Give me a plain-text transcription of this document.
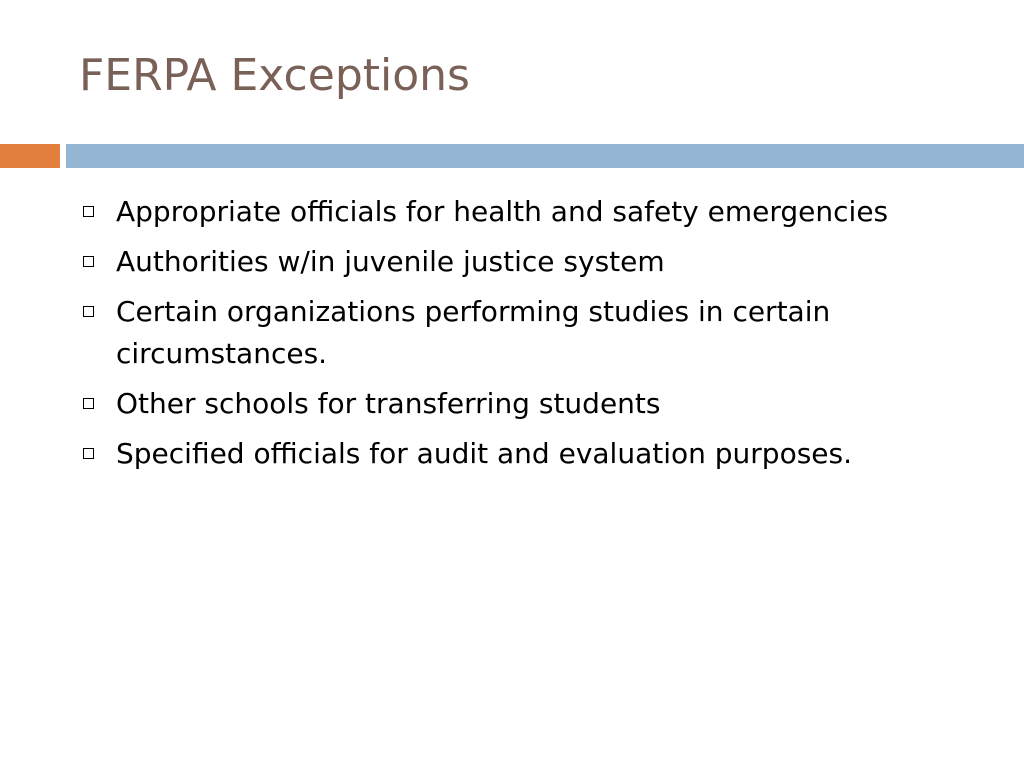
FERPA Exceptions
Appropriate officials for health and safety emergencies
Authorities w/in juvenile justice system
Certain organizations performing studies in certain circumstances.
Other schools for transferring students
Specified officials for audit and evaluation purposes.
